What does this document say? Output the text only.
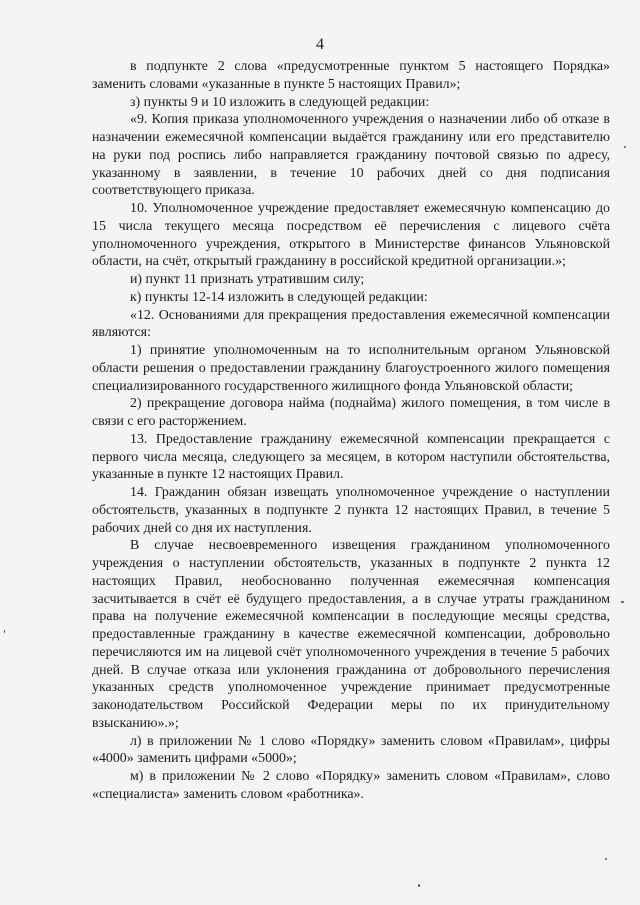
4

в подпункте 2 слова «предусмотренные пунктом 5 настоящего Порядка» заменить словами «указанные в пункте 5 настоящих Правил»;

з) пункты 9 и 10 изложить в следующей редакции:

«9. Копия приказа уполномоченного учреждения о назначении либо об отказе в назначении ежемесячной компенсации выдаётся гражданину или его представителю на руки под роспись либо направляется гражданину почтовой связью по адресу, указанному в заявлении, в течение 10 рабочих дней со дня подписания соответствующего приказа.

10. Уполномоченное учреждение предоставляет ежемесячную компенсацию до 15 числа текущего месяца посредством её перечисления с лицевого счёта уполномоченного учреждения, открытого в Министерстве финансов Ульяновской области, на счёт, открытый гражданину в российской кредитной организации.»;

и) пункт 11 признать утратившим силу;

к) пункты 12-14 изложить в следующей редакции:

«12. Основаниями для прекращения предоставления ежемесячной компенсации являются:

1) принятие уполномоченным на то исполнительным органом Ульяновской области решения о предоставлении гражданину благоустроенного жилого помещения специализированного государственного жилищного фонда Ульяновской области;

2) прекращение договора найма (поднайма) жилого помещения, в том числе в связи с его расторжением.

13. Предоставление гражданину ежемесячной компенсации прекращается с первого числа месяца, следующего за месяцем, в котором наступили обстоятельства, указанные в пункте 12 настоящих Правил.

14. Гражданин обязан извещать уполномоченное учреждение о наступлении обстоятельств, указанных в подпункте 2 пункта 12 настоящих Правил, в течение 5 рабочих дней со дня их наступления.

В случае несвоевременного извещения гражданином уполномоченного учреждения о наступлении обстоятельств, указанных в подпункте 2 пункта 12 настоящих Правил, необоснованно полученная ежемесячная компенсация засчитывается в счёт её будущего предоставления, а в случае утраты гражданином права на получение ежемесячной компенсации в последующие месяцы средства, предоставленные гражданину в качестве ежемесячной компенсации, добровольно перечисляются им на лицевой счёт уполномоченного учреждения в течение 5 рабочих дней. В случае отказа или уклонения гражданина от добровольного перечисления указанных средств уполномоченное учреждение принимает предусмотренные законодательством Российской Федерации меры по их принудительному взысканию».»;

л) в приложении № 1 слово «Порядку» заменить словом «Правилам», цифры «4000» заменить цифрами «5000»;

м) в приложении № 2 слово «Порядку» заменить словом «Правилам», слово «специалиста» заменить словом «работника».
